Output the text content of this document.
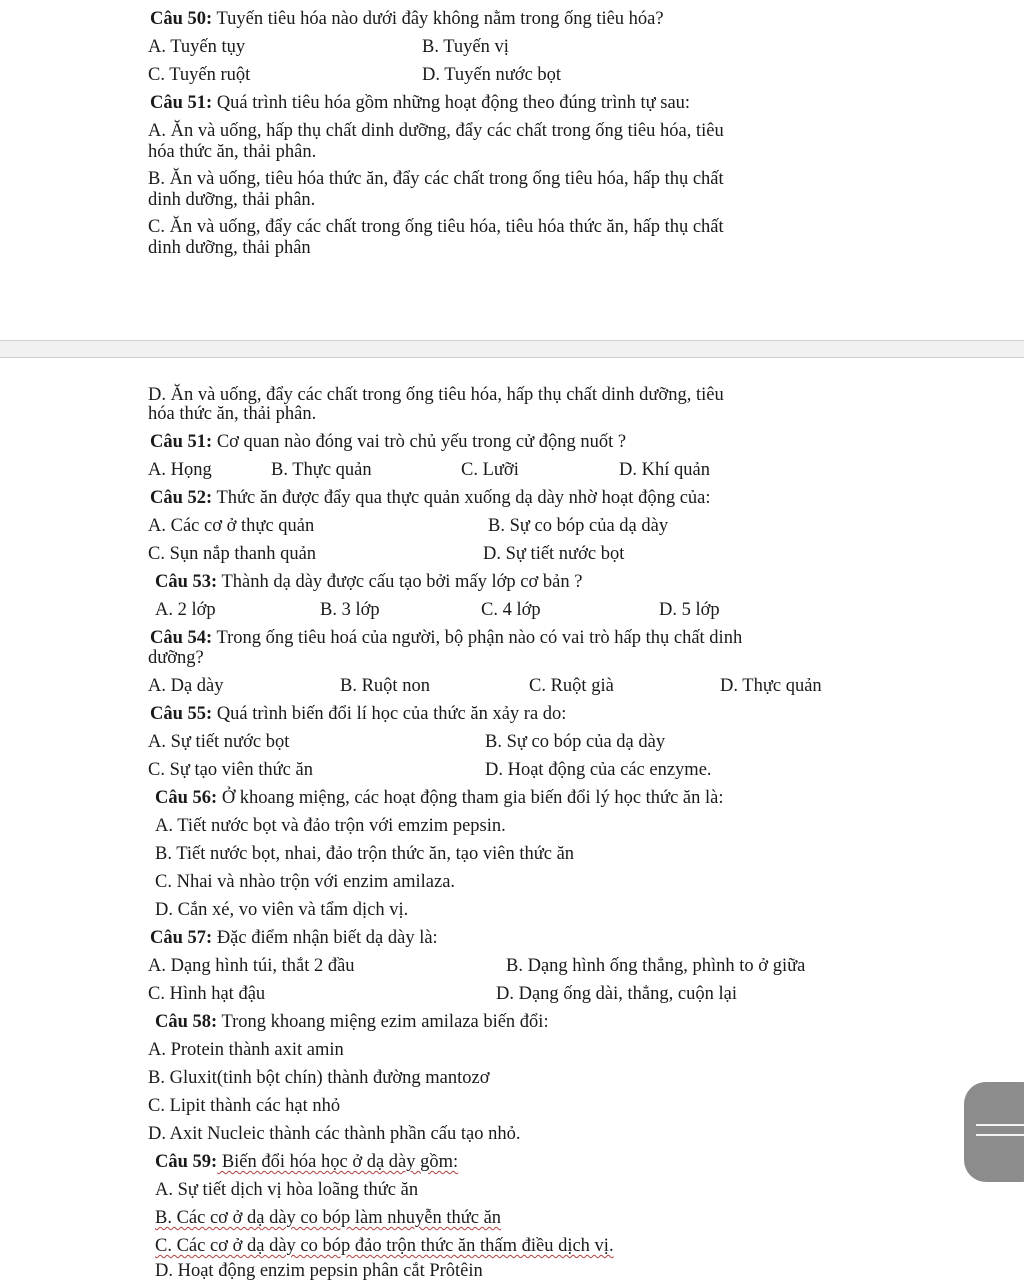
Câu 50: Tuyến tiêu hóa nào dưới đây không nằm trong ống tiêu hóa?
A. Tuyến tụy	B. Tuyến vị
C. Tuyến ruột	D. Tuyến nước bọt
Câu 51: Quá trình tiêu hóa gồm những hoạt động theo đúng trình tự sau:
A. Ăn và uống, hấp thụ chất dinh dưỡng, đẩy các chất trong ống tiêu hóa, tiêu
hóa thức ăn, thải phân.
B. Ăn và uống, tiêu hóa thức ăn, đẩy các chất trong ống tiêu hóa, hấp thụ chất
dinh dưỡng, thải phân.
C. Ăn và uống, đẩy các chất trong ống tiêu hóa, tiêu hóa thức ăn, hấp thụ chất
dinh dưỡng, thải phân
D. Ăn và uống, đẩy các chất trong ống tiêu hóa, hấp thụ chất dinh dưỡng, tiêu
hóa thức ăn, thải phân.
Câu 51: Cơ quan nào đóng vai trò chủ yếu trong cử động nuốt ?
A. Họng	B. Thực quản	C. Lưỡi	D. Khí quản
Câu 52: Thức ăn được đẩy qua thực quản xuống dạ dày nhờ hoạt động của:
A. Các cơ ở thực quản	B. Sự co bóp của dạ dày
C. Sụn nắp thanh quản	D. Sự tiết nước bọt
Câu 53: Thành dạ dày được cấu tạo bởi mấy lớp cơ bản ?
A. 2 lớp	B. 3 lớp	C. 4 lớp	D. 5 lớp
Câu 54: Trong ống tiêu hoá của người, bộ phận nào có vai trò hấp thụ chất dinh
dưỡng?
A. Dạ dày	B. Ruột non	C. Ruột già	D. Thực quản
Câu 55: Quá trình biến đổi lí học của thức ăn xảy ra do:
A. Sự tiết nước bọt	B. Sự co bóp của dạ dày
C. Sự tạo viên thức ăn	D. Hoạt động của các enzyme.
Câu 56: Ở khoang miệng, các hoạt động tham gia biến đổi lý học thức ăn là:
A. Tiết nước bọt và đảo trộn với emzim pepsin.
B. Tiết nước bọt, nhai, đảo trộn thức ăn, tạo viên thức ăn
C. Nhai và nhào trộn với enzim amilaza.
D. Cắn xé, vo viên và tẩm dịch vị.
Câu 57: Đặc điểm nhận biết dạ dày là:
A. Dạng hình túi, thắt 2 đầu	B. Dạng hình ống thẳng, phình to ở giữa
C. Hình hạt đậu	D. Dạng ống dài, thẳng, cuộn lại
Câu 58: Trong khoang miệng ezim amilaza biến đổi:
A. Protein thành axit amin
B. Gluxit(tinh bột chín) thành đường mantozơ
C. Lipit thành các hạt nhỏ
D. Axit Nucleic thành các thành phần cấu tạo nhỏ.
Câu 59: Biến đổi hóa học ở dạ dày gồm:
A. Sự tiết dịch vị hòa loãng thức ăn
B. Các cơ ở dạ dày co bóp làm nhuyễn thức ăn
C. Các cơ ở dạ dày co bóp đảo trộn thức ăn thấm điều dịch vị.
D. Hoạt động enzim pepsin phân cắt Prôtêin
